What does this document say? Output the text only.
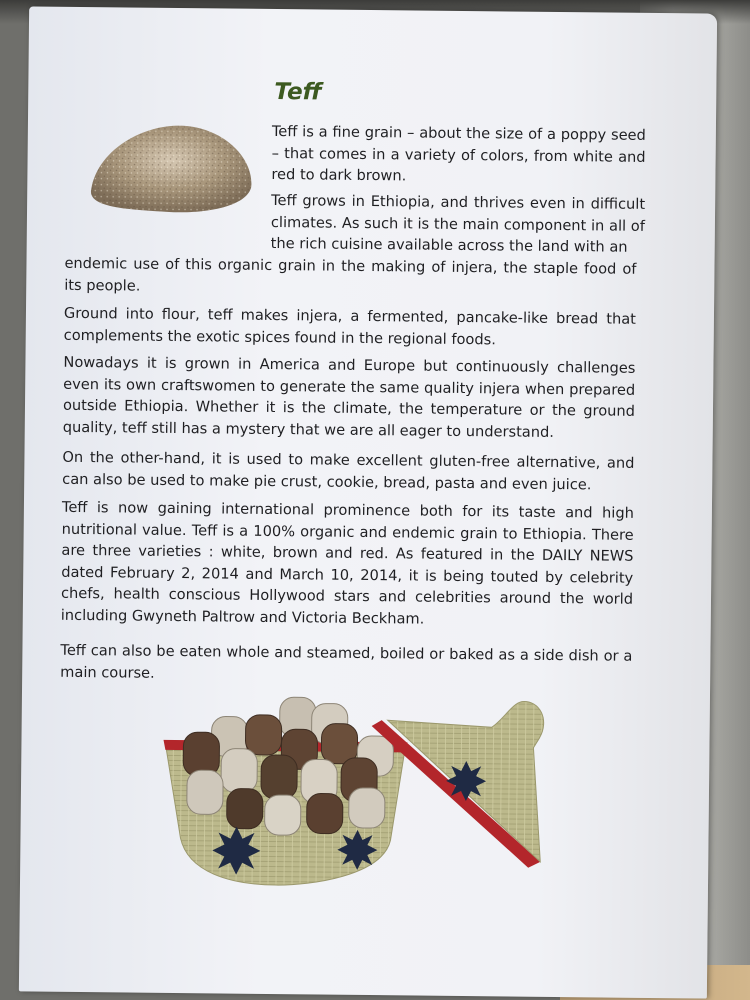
Teff

Teff is a fine grain – about the size of a poppy seed – that comes in a variety of colors, from white and red to dark brown.

Teff grows in Ethiopia, and thrives even in difficult climates. As such it is the main component in all of the rich cuisine available across the land with an

endemic use of this organic grain in the making of injera, the staple food of its people.

Ground into flour, teff makes injera, a fermented, pancake-like bread that complements the exotic spices found in the regional foods.

Nowadays it is grown in America and Europe but continuously challenges even its own craftswomen to generate the same quality injera when prepared outside Ethiopia. Whether it is the climate, the temperature or the ground quality, teff still has a mystery that we are all eager to understand.

On the other-hand, it is used to make excellent gluten-free alternative, and can also be used to make pie crust, cookie, bread, pasta and even juice.

Teff is now gaining international prominence both for its taste and high nutritional value. Teff is a 100% organic and endemic grain to Ethiopia. There are three varieties : white, brown and red. As featured in the DAILY NEWS dated February 2, 2014 and March 10, 2014, it is being touted by celebrity chefs, health conscious Hollywood stars and celebrities around the world including Gwyneth Paltrow and Victoria Beckham.

Teff can also be eaten whole and steamed, boiled or baked as a side dish or a main course.
